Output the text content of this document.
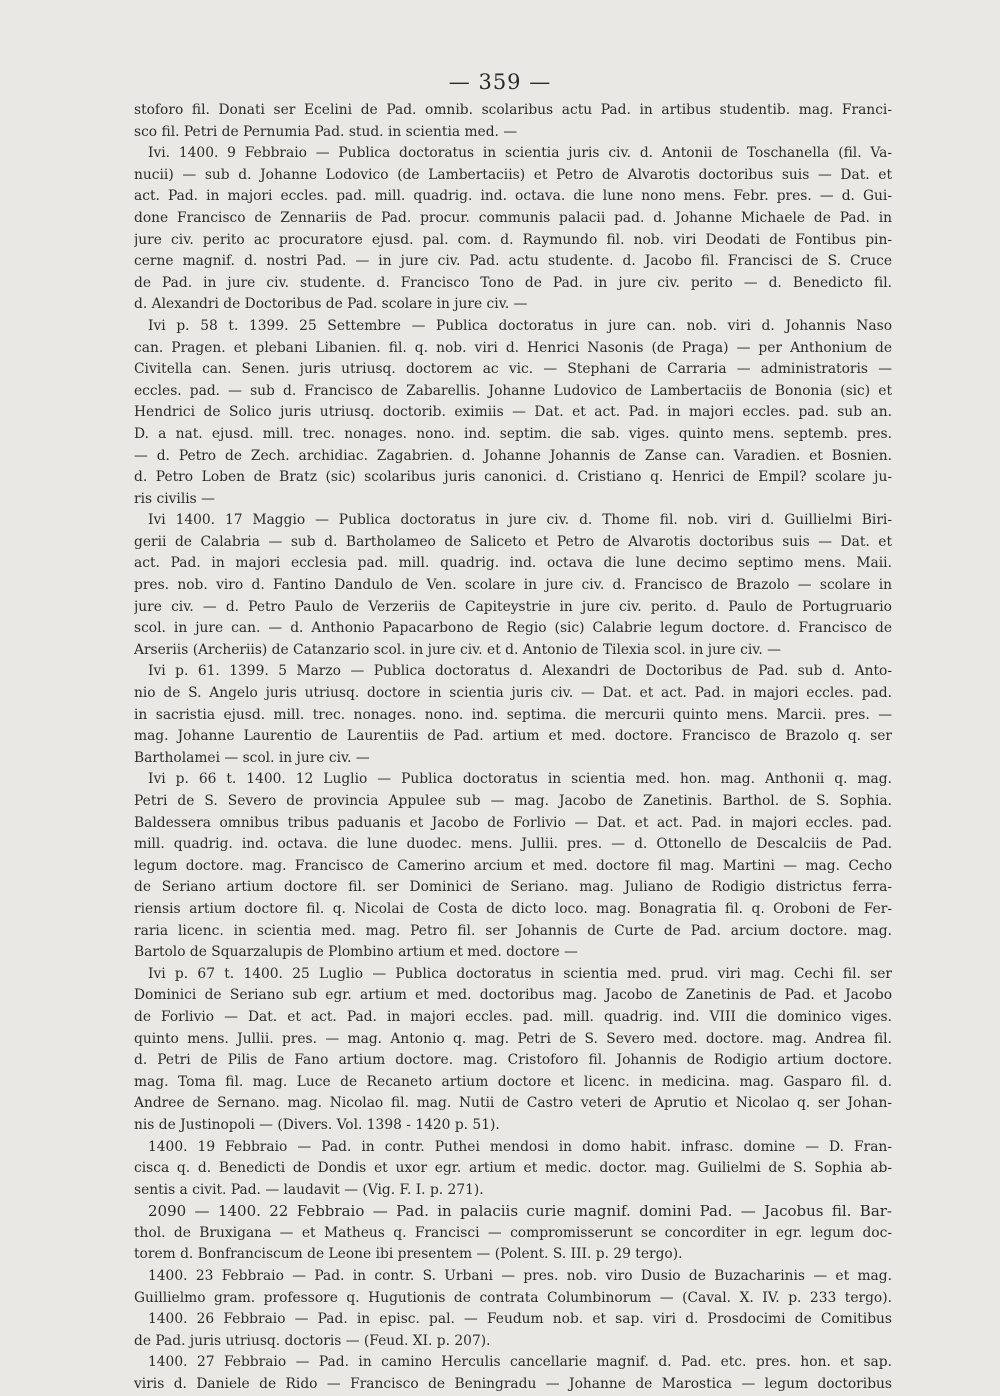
— 359 —
stoforo fil. Donati ser Ecelini de Pad. omnib. scolaribus actu Pad. in artibus studentib. mag. Franci-
sco fil. Petri de Pernumia Pad. stud. in scientia med. —
Ivi. 1400. 9 Febbraio — Publica doctoratus in scientia juris civ. d. Antonii de Toschanella (fil. Va-
nucii) — sub d. Johanne Lodovico (de Lambertaciis) et Petro de Alvarotis doctoribus suis — Dat. et
act. Pad. in majori eccles. pad. mill. quadrig. ind. octava. die lune nono mens. Febr. pres. — d. Gui-
done Francisco de Zennariis de Pad. procur. communis palacii pad. d. Johanne Michaele de Pad. in
jure civ. perito ac procuratore ejusd. pal. com. d. Raymundo fil. nob. viri Deodati de Fontibus pin-
cerne magnif. d. nostri Pad. — in jure civ. Pad. actu studente. d. Jacobo fil. Francisci de S. Cruce
de Pad. in jure civ. studente. d. Francisco Tono de Pad. in jure civ. perito — d. Benedicto fil.
d. Alexandri de Doctoribus de Pad. scolare in jure civ. —
Ivi p. 58 t. 1399. 25 Settembre — Publica doctoratus in jure can. nob. viri d. Johannis Naso
can. Pragen. et plebani Libanien. fil. q. nob. viri d. Henrici Nasonis (de Praga) — per Anthonium de
Civitella can. Senen. juris utriusq. doctorem ac vic. — Stephani de Carraria — administratoris —
eccles. pad. — sub d. Francisco de Zabarellis. Johanne Ludovico de Lambertaciis de Bononia (sic) et
Hendrici de Solico juris utriusq. doctorib. eximiis — Dat. et act. Pad. in majori eccles. pad. sub an.
D. a nat. ejusd. mill. trec. nonages. nono. ind. septim. die sab. viges. quinto mens. septemb. pres.
— d. Petro de Zech. archidiac. Zagabrien. d. Johanne Johannis de Zanse can. Varadien. et Bosnien.
d. Petro Loben de Bratz (sic) scolaribus juris canonici. d. Cristiano q. Henrici de Empil? scolare ju-
ris civilis —
Ivi 1400. 17 Maggio — Publica doctoratus in jure civ. d. Thome fil. nob. viri d. Guillielmi Biri-
gerii de Calabria — sub d. Bartholameo de Saliceto et Petro de Alvarotis doctoribus suis — Dat. et
act. Pad. in majori ecclesia pad. mill. quadrig. ind. octava die lune decimo septimo mens. Maii.
pres. nob. viro d. Fantino Dandulo de Ven. scolare in jure civ. d. Francisco de Brazolo — scolare in
jure civ. — d. Petro Paulo de Verzeriis de Capiteystrie in jure civ. perito. d. Paulo de Portugruario
scol. in jure can. — d. Anthonio Papacarbono de Regio (sic) Calabrie legum doctore. d. Francisco de
Arseriis (Archeriis) de Catanzario scol. in jure civ. et d. Antonio de Tilexia scol. in jure civ. —
Ivi p. 61. 1399. 5 Marzo — Publica doctoratus d. Alexandri de Doctoribus de Pad. sub d. Anto-
nio de S. Angelo juris utriusq. doctore in scientia juris civ. — Dat. et act. Pad. in majori eccles. pad.
in sacristia ejusd. mill. trec. nonages. nono. ind. septima. die mercurii quinto mens. Marcii. pres. —
mag. Johanne Laurentio de Laurentiis de Pad. artium et med. doctore. Francisco de Brazolo q. ser
Bartholamei — scol. in jure civ. —
Ivi p. 66 t. 1400. 12 Luglio — Publica doctoratus in scientia med. hon. mag. Anthonii q. mag.
Petri de S. Severo de provincia Appulee sub — mag. Jacobo de Zanetinis. Barthol. de S. Sophia.
Baldessera omnibus tribus paduanis et Jacobo de Forlivio — Dat. et act. Pad. in majori eccles. pad.
mill. quadrig. ind. octava. die lune duodec. mens. Jullii. pres. — d. Ottonello de Descalciis de Pad.
legum doctore. mag. Francisco de Camerino arcium et med. doctore fil mag. Martini — mag. Cecho
de Seriano artium doctore fil. ser Dominici de Seriano. mag. Juliano de Rodigio districtus ferra-
riensis artium doctore fil. q. Nicolai de Costa de dicto loco. mag. Bonagratia fil. q. Oroboni de Fer-
raria licenc. in scientia med. mag. Petro fil. ser Johannis de Curte de Pad. arcium doctore. mag.
Bartolo de Squarzalupis de Plombino artium et med. doctore —
Ivi p. 67 t. 1400. 25 Luglio — Publica doctoratus in scientia med. prud. viri mag. Cechi fil. ser
Dominici de Seriano sub egr. artium et med. doctoribus mag. Jacobo de Zanetinis de Pad. et Jacobo
de Forlivio — Dat. et act. Pad. in majori eccles. pad. mill. quadrig. ind. VIII die dominico viges.
quinto mens. Jullii. pres. — mag. Antonio q. mag. Petri de S. Severo med. doctore. mag. Andrea fil.
d. Petri de Pilis de Fano artium doctore. mag. Cristoforo fil. Johannis de Rodigio artium doctore.
mag. Toma fil. mag. Luce de Recaneto artium doctore et licenc. in medicina. mag. Gasparo fil. d.
Andree de Sernano. mag. Nicolao fil. mag. Nutii de Castro veteri de Aprutio et Nicolao q. ser Johan-
nis de Justinopoli — (Divers. Vol. 1398 - 1420 p. 51).
1400. 19 Febbraio — Pad. in contr. Puthei mendosi in domo habit. infrasc. domine — D. Fran-
cisca q. d. Benedicti de Dondis et uxor egr. artium et medic. doctor. mag. Guilielmi de S. Sophia ab-
sentis a civit. Pad. — laudavit — (Vig. F. I. p. 271).
2090 — 1400. 22 Febbraio — Pad. in palaciis curie magnif. domini Pad. — Jacobus fil. Bar-
thol. de Bruxigana — et Matheus q. Francisci — compromisserunt se concorditer in egr. legum doc-
torem d. Bonfranciscum de Leone ibi presentem — (Polent. S. III. p. 29 tergo).
1400. 23 Febbraio — Pad. in contr. S. Urbani — pres. nob. viro Dusio de Buzacharinis — et mag.
Guillielmo gram. professore q. Hugutionis de contrata Columbinorum — (Caval. X. IV. p. 233 tergo).
1400. 26 Febbraio — Pad. in episc. pal. — Feudum nob. et sap. viri d. Prosdocimi de Comitibus
de Pad. juris utriusq. doctoris — (Feud. XI. p. 207).
1400. 27 Febbraio — Pad. in camino Herculis cancellarie magnif. d. Pad. etc. pres. hon. et sap.
viris d. Daniele de Rido — Francisco de Beningradu — Johanne de Marostica — legum doctoribus
